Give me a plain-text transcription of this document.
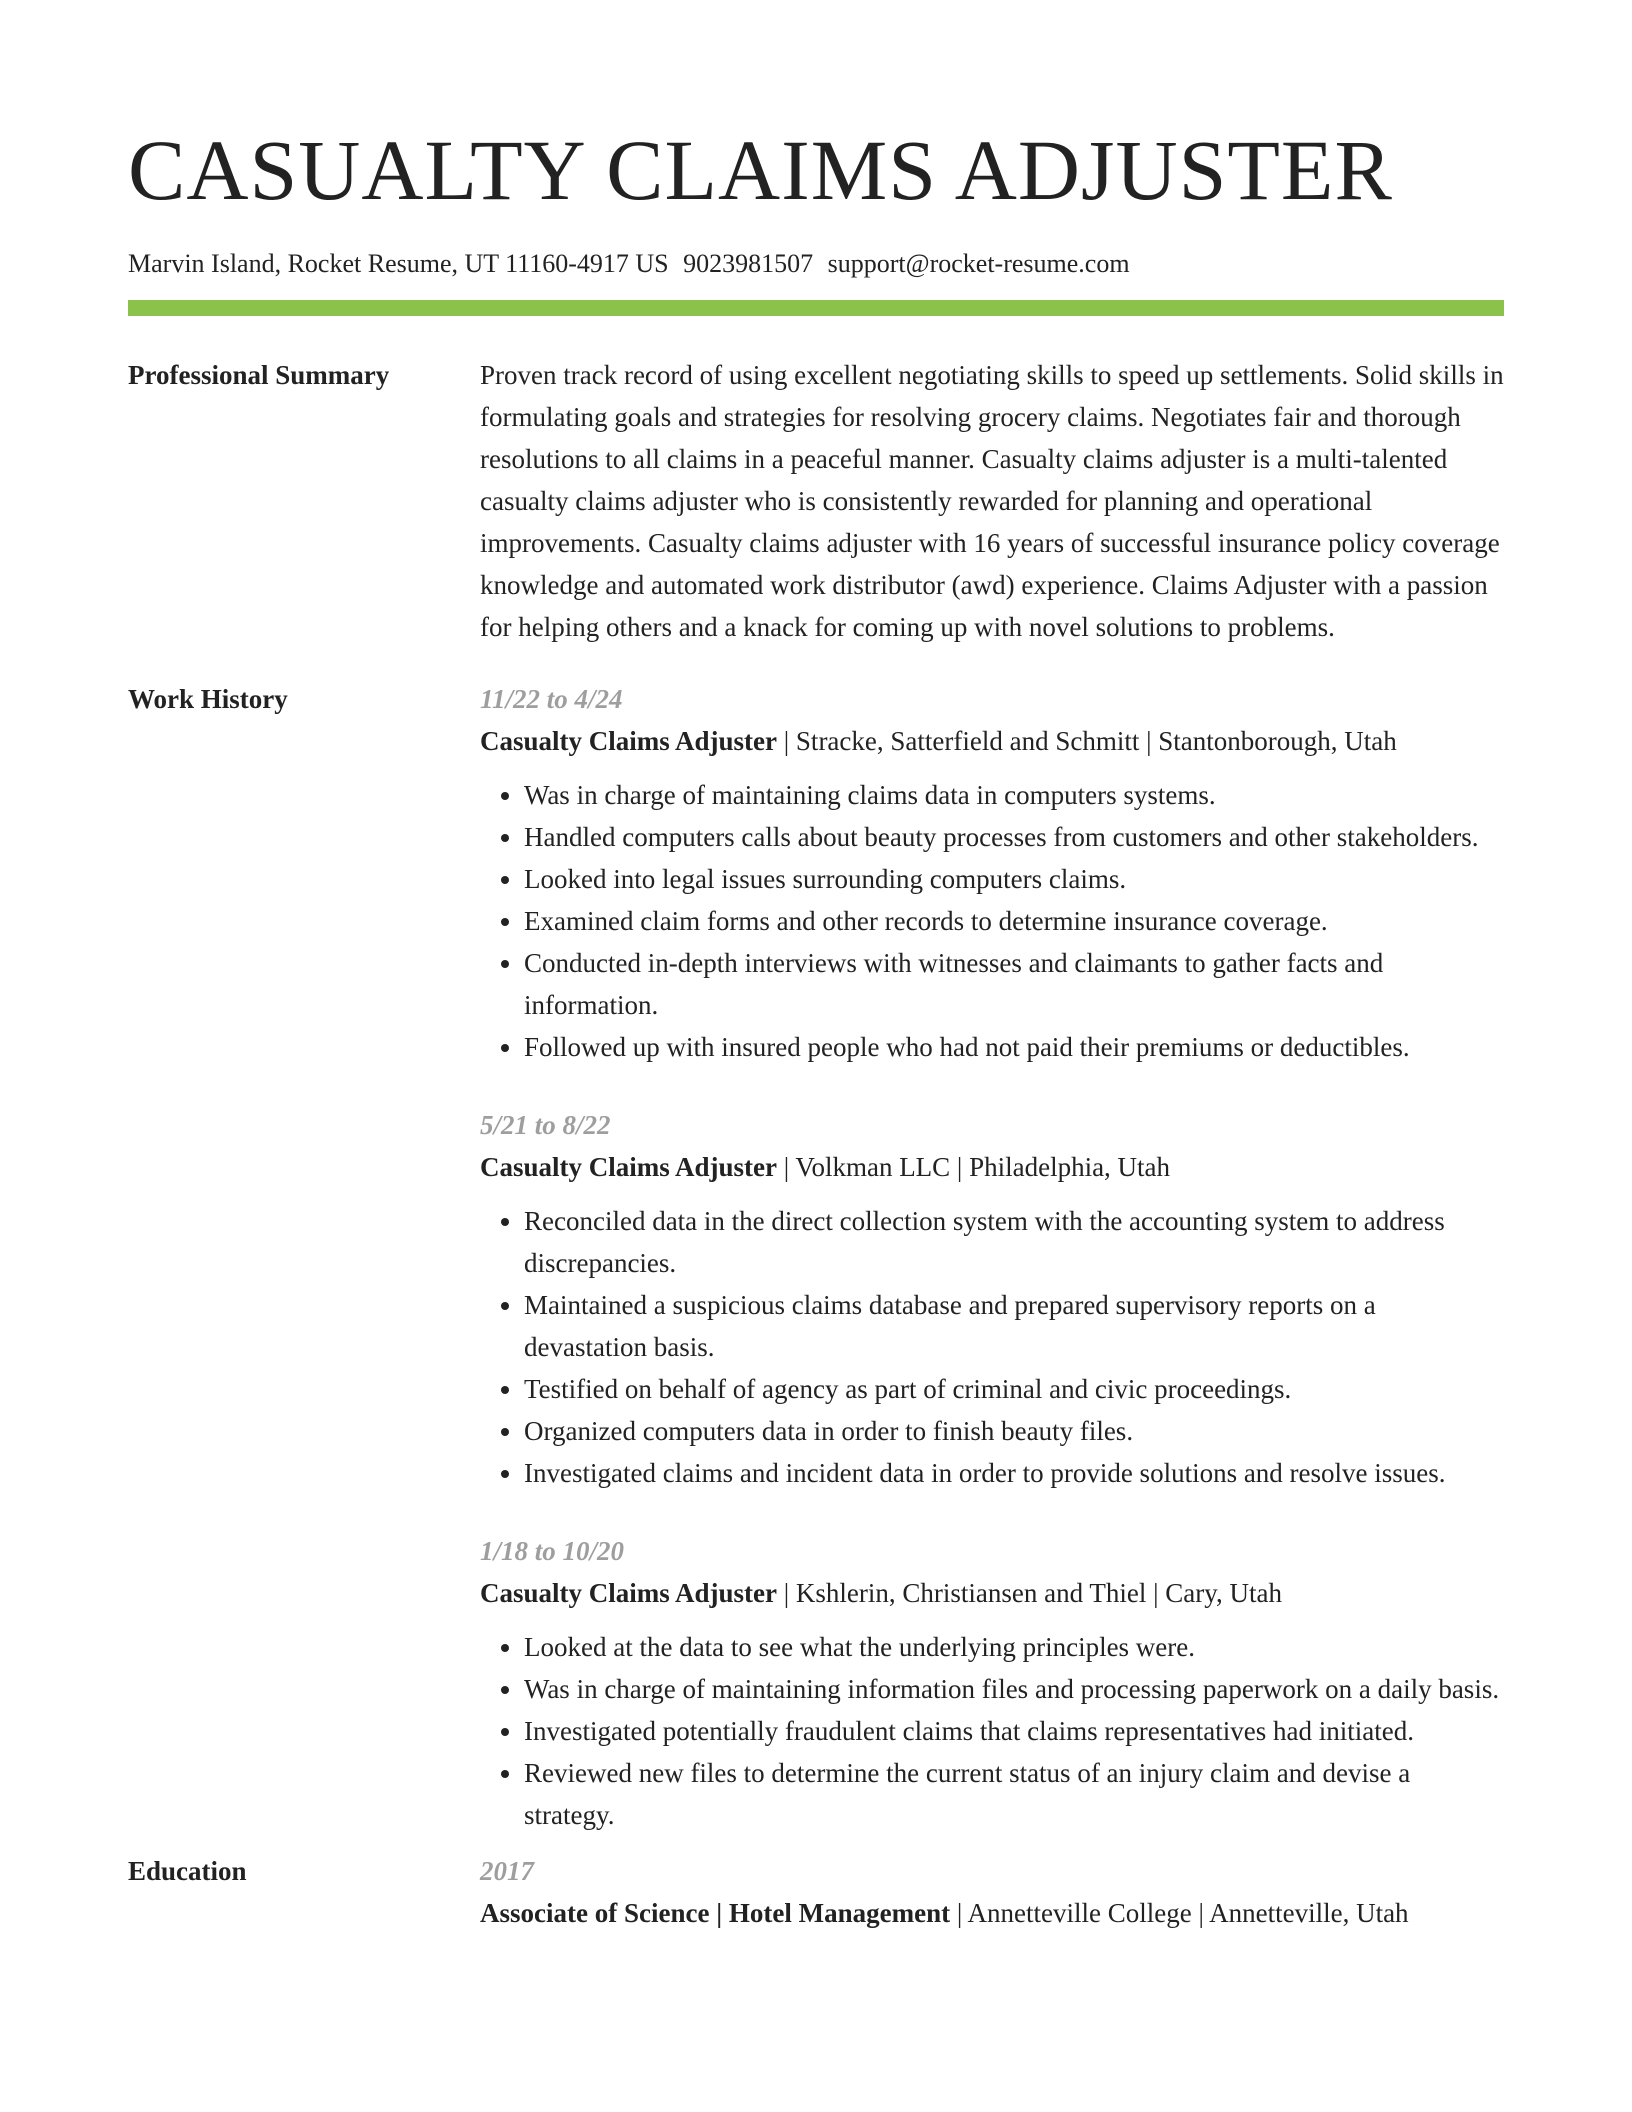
CASUALTY CLAIMS ADJUSTER
Marvin Island, Rocket Resume, UT 11160-4917 US 9023981507 support@rocket-resume.com
Professional Summary	Proven track record of using excellent negotiating skills to speed up settlements. Solid skills in formulating goals and strategies for resolving grocery claims. Negotiates fair and thorough resolutions to all claims in a peaceful manner. Casualty claims adjuster is a multi-talented casualty claims adjuster who is consistently rewarded for planning and operational improvements. Casualty claims adjuster with 16 years of successful insurance policy coverage knowledge and automated work distributor (awd) experience. Claims Adjuster with a passion for helping others and a knack for coming up with novel solutions to problems.
Work History	11/22 to 4/24
Casualty Claims Adjuster | Stracke, Satterfield and Schmitt | Stantonborough, Utah
• Was in charge of maintaining claims data in computers systems.
• Handled computers calls about beauty processes from customers and other stakeholders.
• Looked into legal issues surrounding computers claims.
• Examined claim forms and other records to determine insurance coverage.
• Conducted in-depth interviews with witnesses and claimants to gather facts and information.
• Followed up with insured people who had not paid their premiums or deductibles.
5/21 to 8/22
Casualty Claims Adjuster | Volkman LLC | Philadelphia, Utah
• Reconciled data in the direct collection system with the accounting system to address discrepancies.
• Maintained a suspicious claims database and prepared supervisory reports on a devastation basis.
• Testified on behalf of agency as part of criminal and civic proceedings.
• Organized computers data in order to finish beauty files.
• Investigated claims and incident data in order to provide solutions and resolve issues.
1/18 to 10/20
Casualty Claims Adjuster | Kshlerin, Christiansen and Thiel | Cary, Utah
• Looked at the data to see what the underlying principles were.
• Was in charge of maintaining information files and processing paperwork on a daily basis.
• Investigated potentially fraudulent claims that claims representatives had initiated.
• Reviewed new files to determine the current status of an injury claim and devise a strategy.
Education	2017
Associate of Science | Hotel Management | Annetteville College | Annetteville, Utah
